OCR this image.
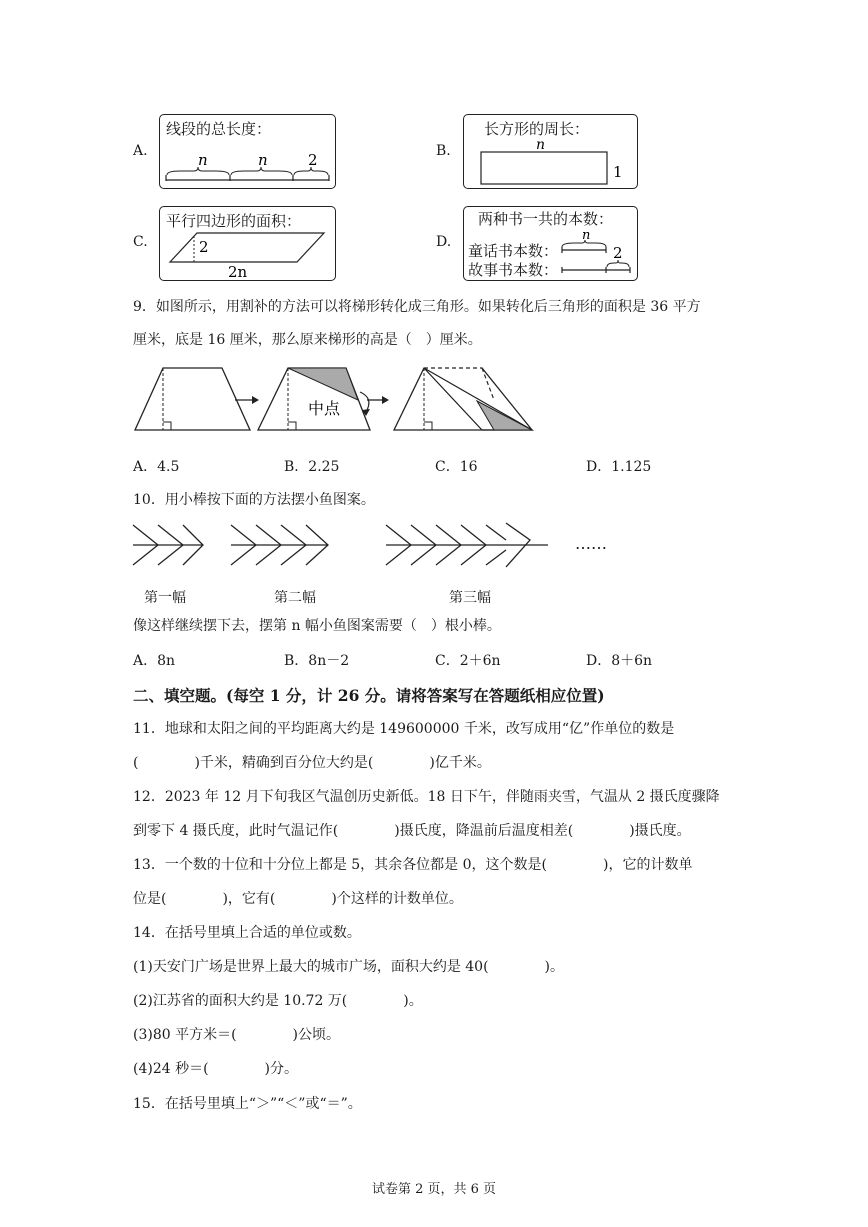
A.
线段的总长度：
n	n	2	B.
长方形的周长：
n
1
C.
平行四边形的面积：
2
2n
D.
两种书一共的本数：
童话书本数：
故事书本数：
n
2
9．如图所示，用割补的方法可以将梯形转化成三角形。如果转化后三角形的面积是 36 平方
厘米，底是 16 厘米，那么原来梯形的高是（　）厘米。
中点
A．4.5	B．2.25	C．16	D．1.125
10．用小棒按下面的方法摆小鱼图案。
……
第一幅	第二幅	第三幅
像这样继续摆下去，摆第 n 幅小鱼图案需要（　）根小棒。
A．8n	B．8n－2	C．2＋6n	D．8＋6n
二、填空题。(每空 1 分，计 26 分。请将答案写在答题纸相应位置)
11．地球和太阳之间的平均距离大约是 149600000 千米，改写成用“亿”作单位的数是
(　　　　)千米，精确到百分位大约是(　　　　)亿千米。
12．2023 年 12 月下旬我区气温创历史新低。18 日下午，伴随雨夹雪，气温从 2 摄氏度骤降
到零下 4 摄氏度，此时气温记作(　　　　)摄氏度，降温前后温度相差(　　　　)摄氏度。
13．一个数的十位和十分位上都是 5，其余各位都是 0，这个数是(　　　　)，它的计数单
位是(　　　　)，它有(　　　　)个这样的计数单位。
14．在括号里填上合适的单位或数。
(1)天安门广场是世界上最大的城市广场，面积大约是 40(　　　　)。
(2)江苏省的面积大约是 10.72 万(　　　　)。
(3)80 平方米＝(　　　　)公顷。
(4)24 秒＝(　　　　)分。
15．在括号里填上“＞”“＜”或“＝”。
试卷第 2 页，共 6 页
